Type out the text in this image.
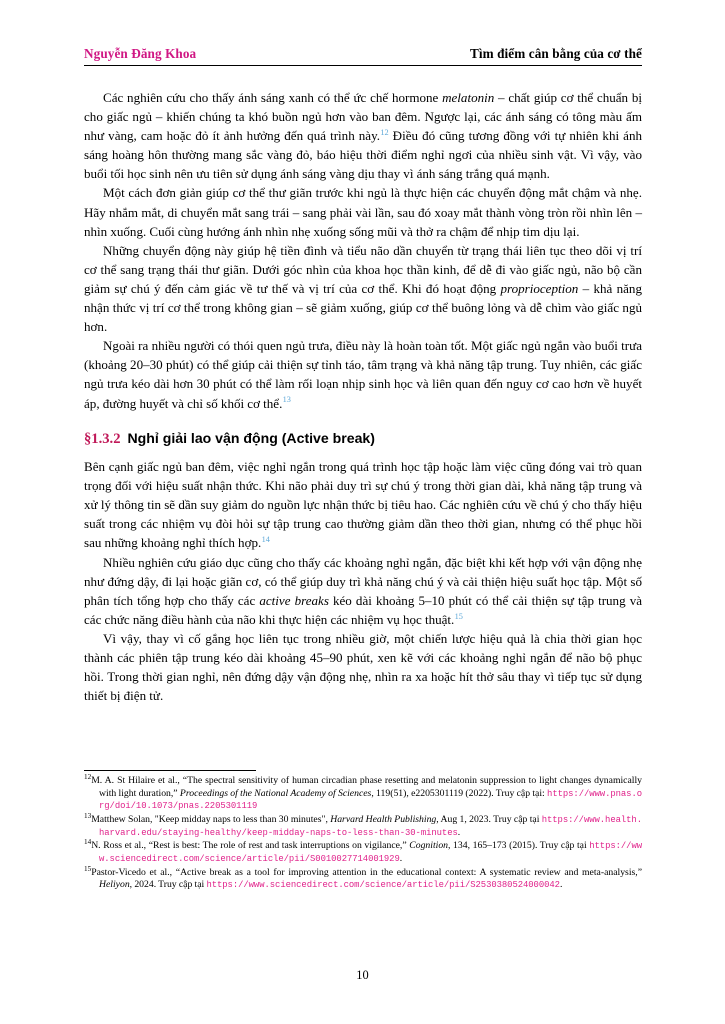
Nguyễn Đăng Khoa	Tìm điểm cân bằng của cơ thể

Các nghiên cứu cho thấy ánh sáng xanh có thể ức chế hormone melatonin – chất giúp cơ thể chuẩn bị cho giấc ngủ – khiến chúng ta khó buồn ngủ hơn vào ban đêm. Ngược lại, các ánh sáng có tông màu ấm như vàng, cam hoặc đỏ ít ảnh hưởng đến quá trình này.$^{12}$ Điều đó cũng tương đồng với tự nhiên khi ánh sáng hoàng hôn thường mang sắc vàng đỏ, báo hiệu thời điểm nghỉ ngơi của nhiều sinh vật. Vì vậy, vào buổi tối học sinh nên ưu tiên sử dụng ánh sáng vàng dịu thay vì ánh sáng trắng quá mạnh.

Một cách đơn giản giúp cơ thể thư giãn trước khi ngủ là thực hiện các chuyển động mắt chậm và nhẹ. Hãy nhắm mắt, di chuyển mắt sang trái – sang phải vài lần, sau đó xoay mắt thành vòng tròn rồi nhìn lên – nhìn xuống. Cuối cùng hướng ánh nhìn nhẹ xuống sống mũi và thở ra chậm để nhịp tim dịu lại.

Những chuyển động này giúp hệ tiền đình và tiểu não dần chuyển từ trạng thái liên tục theo dõi vị trí cơ thể sang trạng thái thư giãn. Dưới góc nhìn của khoa học thần kinh, để dễ đi vào giấc ngủ, não bộ cần giảm sự chú ý đến cảm giác về tư thế và vị trí của cơ thể. Khi đó hoạt động proprioception – khả năng nhận thức vị trí cơ thể trong không gian – sẽ giảm xuống, giúp cơ thể buông lỏng và dễ chìm vào giấc ngủ hơn.

Ngoài ra nhiều người có thói quen ngủ trưa, điều này là hoàn toàn tốt. Một giấc ngủ ngắn vào buổi trưa (khoảng 20–30 phút) có thể giúp cải thiện sự tỉnh táo, tâm trạng và khả năng tập trung. Tuy nhiên, các giấc ngủ trưa kéo dài hơn 30 phút có thể làm rối loạn nhịp sinh học và liên quan đến nguy cơ cao hơn về huyết áp, đường huyết và chỉ số khối cơ thể.$^{13}$

§1.3.2 Nghỉ giải lao vận động (Active break)

Bên cạnh giấc ngủ ban đêm, việc nghỉ ngắn trong quá trình học tập hoặc làm việc cũng đóng vai trò quan trọng đối với hiệu suất nhận thức. Khi não phải duy trì sự chú ý trong thời gian dài, khả năng tập trung và xử lý thông tin sẽ dần suy giảm do nguồn lực nhận thức bị tiêu hao. Các nghiên cứu về chú ý cho thấy hiệu suất trong các nhiệm vụ đòi hỏi sự tập trung cao thường giảm dần theo thời gian, nhưng có thể phục hồi sau những khoảng nghỉ thích hợp.$^{14}$

Nhiều nghiên cứu giáo dục cũng cho thấy các khoảng nghỉ ngắn, đặc biệt khi kết hợp với vận động nhẹ như đứng dậy, đi lại hoặc giãn cơ, có thể giúp duy trì khả năng chú ý và cải thiện hiệu suất học tập. Một số phân tích tổng hợp cho thấy các active breaks kéo dài khoảng 5–10 phút có thể cải thiện sự tập trung và các chức năng điều hành của não khi thực hiện các nhiệm vụ học thuật.$^{15}$

Vì vậy, thay vì cố gắng học liên tục trong nhiều giờ, một chiến lược hiệu quả là chia thời gian học thành các phiên tập trung kéo dài khoảng 45–90 phút, xen kẽ với các khoảng nghỉ ngắn để não bộ phục hồi. Trong thời gian nghỉ, nên đứng dậy vận động nhẹ, nhìn ra xa hoặc hít thở sâu thay vì tiếp tục sử dụng thiết bị điện tử.

$^{12}$M. A. St Hilaire et al., “The spectral sensitivity of human circadian phase resetting and melatonin suppression to light changes dynamically with light duration,” Proceedings of the National Academy of Sciences, 119(51), e2205301119 (2022). Truy cập tại: https://www.pnas.org/doi/10.1073/pnas.2205301119

$^{13}$Matthew Solan, "Keep midday naps to less than 30 minutes", Harvard Health Publishing, Aug 1, 2023. Truy cập tại https://www.health.harvard.edu/staying-healthy/keep-midday-naps-to-less-than-30-minutes.

$^{14}$N. Ross et al., “Rest is best: The role of rest and task interruptions on vigilance,” Cognition, 134, 165–173 (2015). Truy cập tại https://www.sciencedirect.com/science/article/pii/S0010027714001929.

$^{15}$Pastor-Vicedo et al., “Active break as a tool for improving attention in the educational context: A systematic review and meta-analysis,” Heliyon, 2024. Truy cập tại https://www.sciencedirect.com/science/article/pii/S2530380524000042.

10
